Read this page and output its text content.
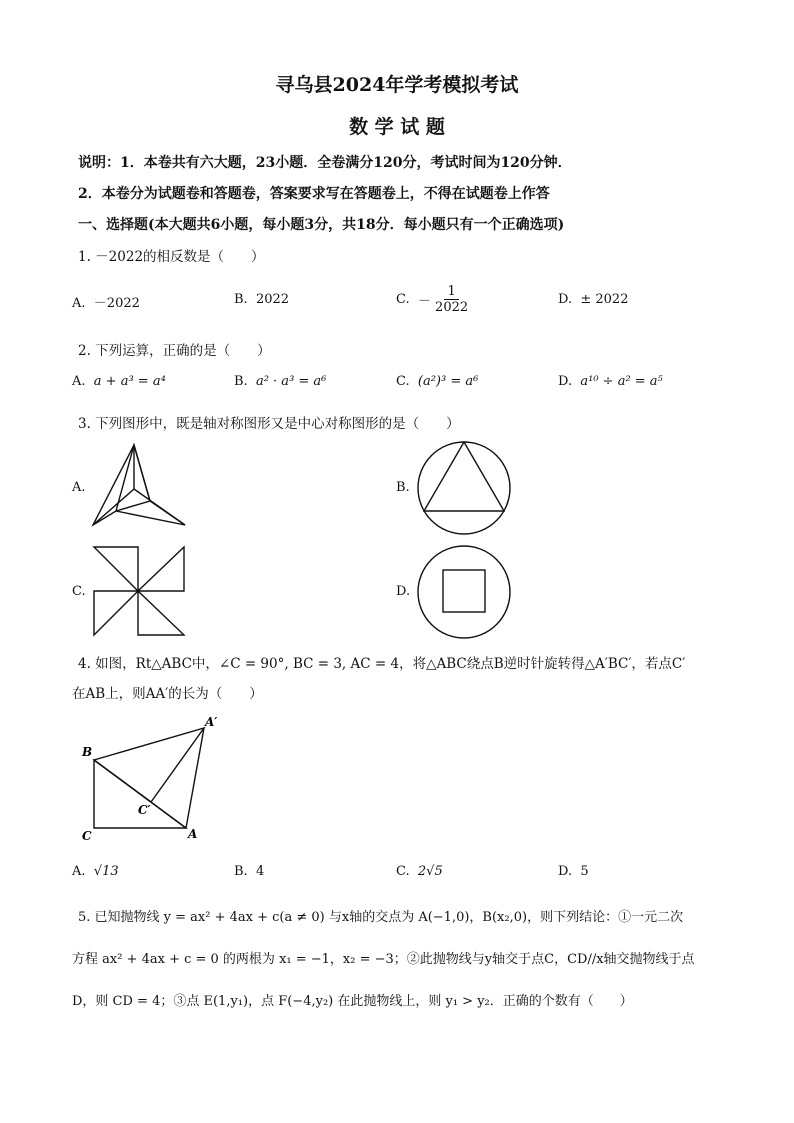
寻乌县2024年学考模拟考试
数 学 试 题
说明：1．本卷共有六大题，23小题．全卷满分120分，考试时间为120分钟．
2．本卷分为试题卷和答题卷，答案要求写在答题卷上，不得在试题卷上作答
一、选择题(本大题共6小题，每小题3分，共18分．每小题只有一个正确选项)
1. －2022的相反数是（　　）
A. －2022	B. 2022	C. － $\frac{1}{2022}$	D. ± 2022
2. 下列运算，正确的是（　　）
A. a + a³ = a⁴	B. a² · a³ = a⁶	C. (a²)³ = a⁶	D. a¹⁰ ÷ a² = a⁵
3. 下列图形中，既是轴对称图形又是中心对称图形的是（　　）
A.	B.
C.	D.
4. 如图，Rt△ABC中，∠C = 90°, BC = 3, AC = 4，将△ABC绕点B逆时针旋转得△A′BC′，若点C′
在AB上，则AA′的长为（　　）
B
C	A
A′
C′
A. √13	B. 4	C. 2√5	D. 5
5. 已知抛物线 y = ax² + 4ax + c(a ≠ 0) 与x轴的交点为 A(−1,0)，B(x₂,0)，则下列结论：①一元二次
方程 ax² + 4ax + c = 0 的两根为 x₁ = −1，x₂ = −3；②此抛物线与y轴交于点C，CD//x轴交抛物线于点
D，则 CD = 4；③点 E(1,y₁)，点 F(−4,y₂) 在此抛物线上，则 y₁ > y₂．正确的个数有（　　）
